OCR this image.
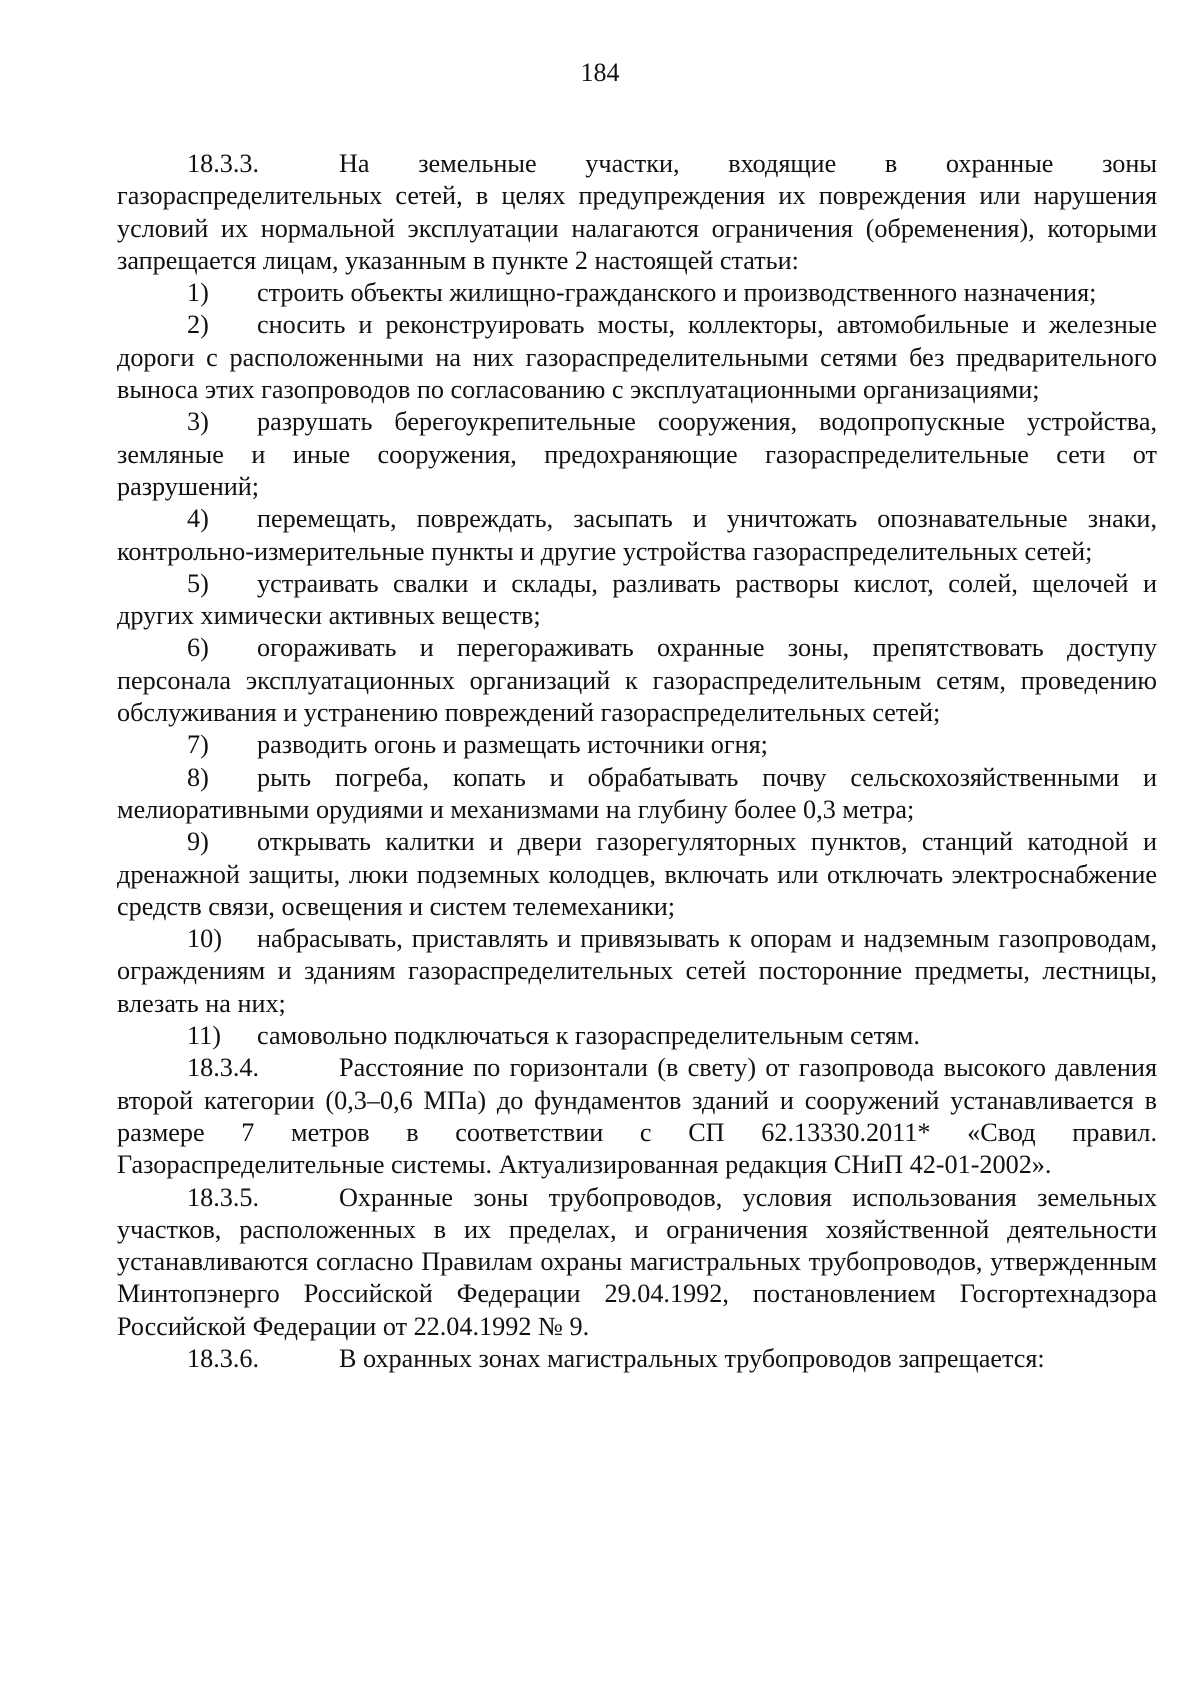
184

18.3.3.	На земельные участки, входящие в охранные зоны газораспределительных сетей, в целях предупреждения их повреждения или нарушения условий их нормальной эксплуатации налагаются ограничения (обременения), которыми запрещается лицам, указанным в пункте 2 настоящей статьи:

1) строить объекты жилищно-гражданского и производственного назначения;

2) сносить и реконструировать мосты, коллекторы, автомобильные и железные дороги с расположенными на них газораспределительными сетями без предварительного выноса этих газопроводов по согласованию с эксплуатационными организациями;

3) разрушать берегоукрепительные сооружения, водопропускные устройства, земляные и иные сооружения, предохраняющие газораспределительные сети от разрушений;

4) перемещать, повреждать, засыпать и уничтожать опознавательные знаки, контрольно-измерительные пункты и другие устройства газораспределительных сетей;

5) устраивать свалки и склады, разливать растворы кислот, солей, щелочей и других химически активных веществ;

6) огораживать и перегораживать охранные зоны, препятствовать доступу персонала эксплуатационных организаций к газораспределительным сетям, проведению обслуживания и устранению повреждений газораспределительных сетей;

7) разводить огонь и размещать источники огня;

8) рыть погреба, копать и обрабатывать почву сельскохозяйственными и мелиоративными орудиями и механизмами на глубину более 0,3 метра;

9) открывать калитки и двери газорегуляторных пунктов, станций катодной и дренажной защиты, люки подземных колодцев, включать или отключать электроснабжение средств связи, освещения и систем телемеханики;

10) набрасывать, приставлять и привязывать к опорам и надземным газопроводам, ограждениям и зданиям газораспределительных сетей посторонние предметы, лестницы, влезать на них;

11) самовольно подключаться к газораспределительным сетям.

18.3.4.	Расстояние по горизонтали (в свету) от газопровода высокого давления второй категории (0,3–0,6 МПа) до фундаментов зданий и сооружений устанавливается в размере 7 метров в соответствии с СП 62.13330.2011* «Свод правил. Газораспределительные системы. Актуализированная редакция СНиП 42-01-2002».

18.3.5.	Охранные зоны трубопроводов, условия использования земельных участков, расположенных в их пределах, и ограничения хозяйственной деятельности устанавливаются согласно Правилам охраны магистральных трубопроводов, утвержденным Минтопэнерго Российской Федерации 29.04.1992, постановлением Госгортехнадзора Российской Федерации от 22.04.1992 № 9.

18.3.6.	В охранных зонах магистральных трубопроводов запрещается:
